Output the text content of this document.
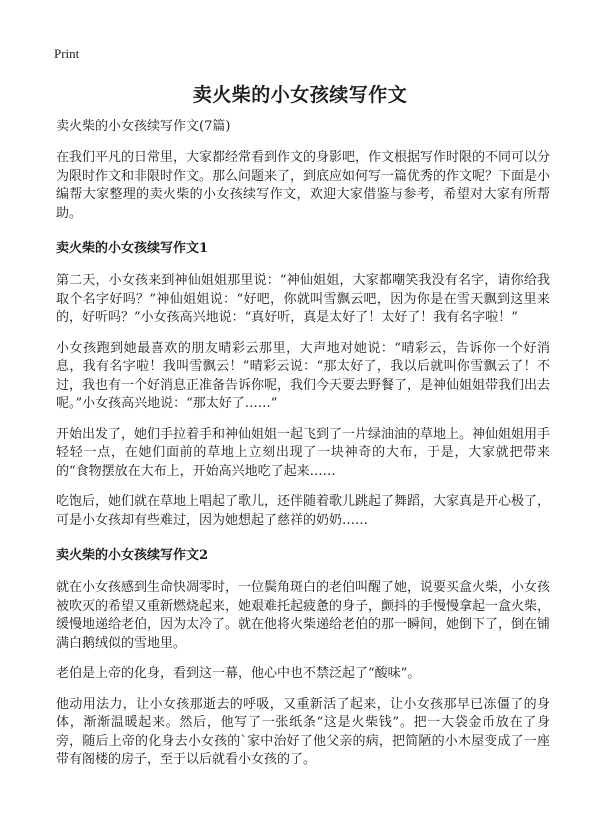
Print
卖火柴的小女孩续写作文
卖火柴的小女孩续写作文(7篇)

在我们平凡的日常里，大家都经常看到作文的身影吧，作文根据写作时限的不同可以分为限时作文和非限时作文。那么问题来了，到底应如何写一篇优秀的作文呢？下面是小编帮大家整理的卖火柴的小女孩续写作文，欢迎大家借鉴与参考，希望对大家有所帮助。

卖火柴的小女孩续写作文1

第二天，小女孩来到神仙姐姐那里说：“神仙姐姐，大家都嘲笑我没有名字，请你给我取个名字好吗？”神仙姐姐说：“好吧，你就叫雪飘云吧，因为你是在雪天飘到这里来的，好听吗？”小女孩高兴地说：“真好听，真是太好了！太好了！我有名字啦！”

小女孩跑到她最喜欢的朋友晴彩云那里，大声地对她说：“晴彩云，告诉你一个好消息，我有名字啦！我叫雪飘云！”晴彩云说：“那太好了，我以后就叫你雪飘云了！不过，我也有一个好消息正准备告诉你呢，我们今天要去野餐了，是神仙姐姐带我们出去呢。”小女孩高兴地说：“那太好了……”

开始出发了，她们手拉着手和神仙姐姐一起飞到了一片绿油油的草地上。神仙姐姐用手轻轻一点，在她们面前的草地上立刻出现了一块神奇的大布，于是，大家就把带来的“食物摆放在大布上，开始高兴地吃了起来……

吃饱后，她们就在草地上唱起了歌儿，还伴随着歌儿跳起了舞蹈，大家真是开心极了，可是小女孩却有些难过，因为她想起了慈祥的奶奶……

卖火柴的小女孩续写作文2

就在小女孩感到生命快凋零时，一位鬓角斑白的老伯叫醒了她，说要买盒火柴，小女孩被吹灭的希望又重新燃烧起来，她艰难托起疲惫的身子，颤抖的手慢慢拿起一盒火柴，缓慢地递给老伯，因为太冷了。就在他将火柴递给老伯的那一瞬间，她倒下了，倒在铺满白鹅绒似的雪地里。

老伯是上帝的化身，看到这一幕，他心中也不禁泛起了“酸味”。

他动用法力，让小女孩那逝去的呼吸，又重新活了起来，让小女孩那早已冻僵了的身体，渐渐温暖起来。然后，他写了一张纸条“这是火柴钱”。把一大袋金币放在了身旁，随后上帝的化身去小女孩的`家中治好了他父亲的病，把简陋的小木屋变成了一座带有阁楼的房子，至于以后就看小女孩的了。
